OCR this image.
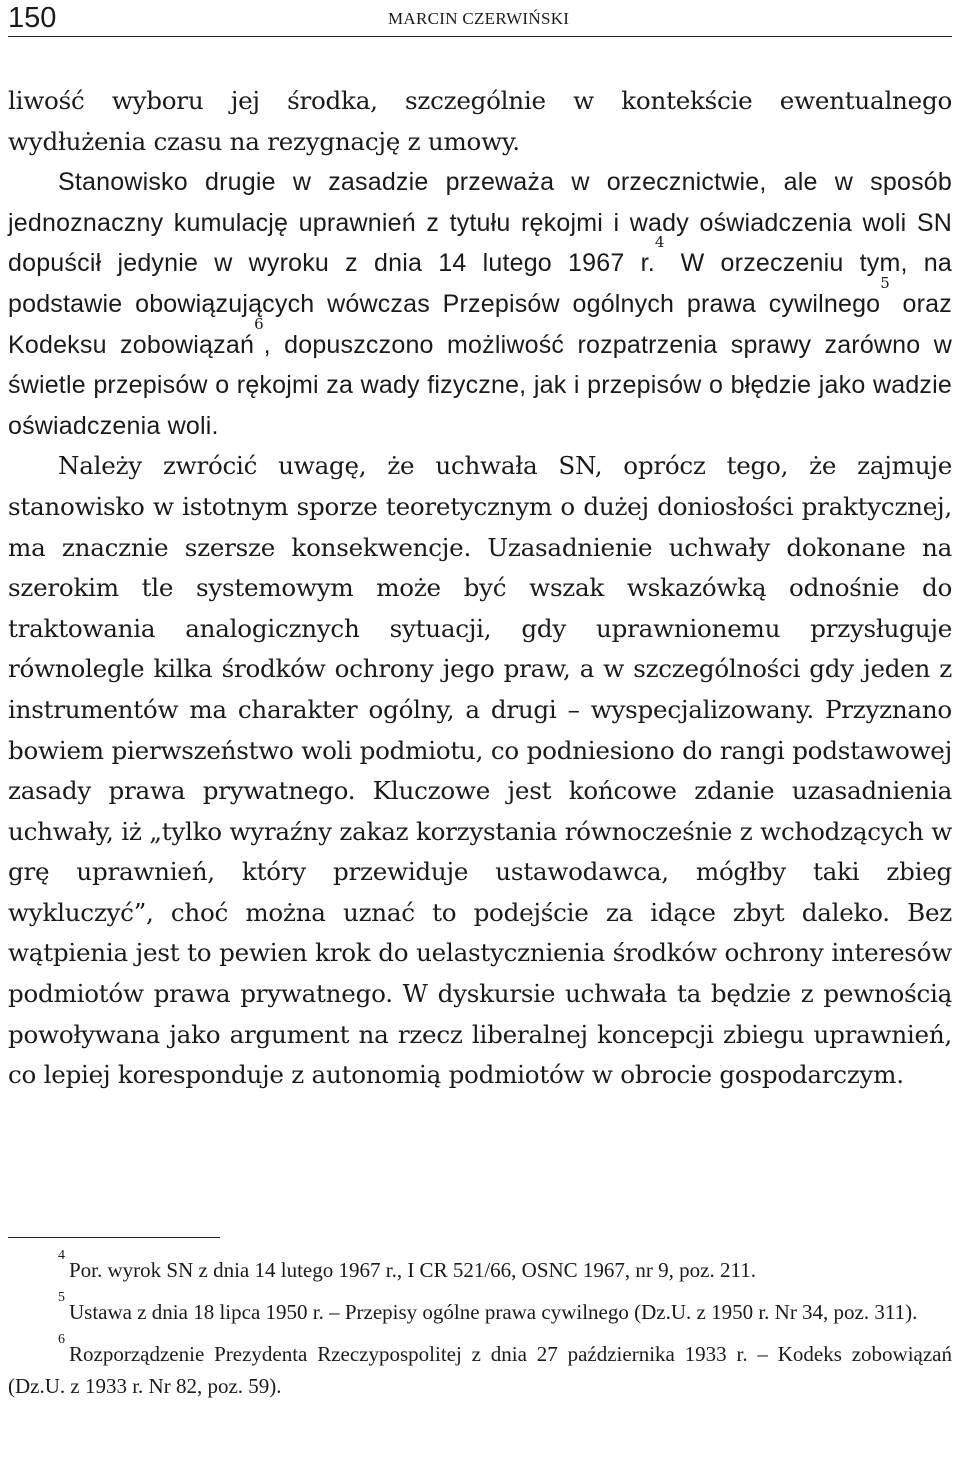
150	MARCIN CZERWIŃSKI

liwość wyboru jej środka, szczególnie w kontekście ewentualnego wydłużenia czasu na rezygnację z umowy.

Stanowisko drugie w zasadzie przeważa w orzecznictwie, ale w sposób jednoznaczny kumulację uprawnień z tytułu rękojmi i wady oświadczenia woli SN dopuścił jedynie w wyroku z dnia 14 lutego 1967 r.$^4$ W orzeczeniu tym, na podstawie obowiązujących wówczas Przepisów ogólnych prawa cywilnego$^5$ oraz Kodeksu zobowiązań$^6$, dopuszczono możliwość rozpatrzenia sprawy zarówno w świetle przepisów o rękojmi za wady fizyczne, jak i przepisów o błędzie jako wadzie oświadczenia woli.

Należy zwrócić uwagę, że uchwała SN, oprócz tego, że zajmuje stanowisko w istotnym sporze teoretycznym o dużej doniosłości praktycznej, ma znacznie szersze konsekwencje. Uzasadnienie uchwały dokonane na szerokim tle systemowym może być wszak wskazówką odnośnie do traktowania analogicznych sytuacji, gdy uprawnionemu przysługuje równolegle kilka środków ochrony jego praw, a w szczególności gdy jeden z instrumentów ma charakter ogólny, a drugi – wyspecjalizowany. Przyznano bowiem pierwszeństwo woli podmiotu, co podniesiono do rangi podstawowej zasady prawa prywatnego. Kluczowe jest końcowe zdanie uzasadnienia uchwały, iż „tylko wyraźny zakaz korzystania równocześnie z wchodzących w grę uprawnień, który przewiduje ustawodawca, mógłby taki zbieg wykluczyć”, choć można uznać to podejście za idące zbyt daleko. Bez wątpienia jest to pewien krok do uelastycznienia środków ochrony interesów podmiotów prawa prywatnego. W dyskursie uchwała ta będzie z pewnością powoływana jako argument na rzecz liberalnej koncepcji zbiegu uprawnień, co lepiej koresponduje z autonomią podmiotów w obrocie gospodarczym.

$^4$Por. wyrok SN z dnia 14 lutego 1967 r., I CR 521/66, OSNC 1967, nr 9, poz. 211.

$^5$Ustawa z dnia 18 lipca 1950 r. – Przepisy ogólne prawa cywilnego (Dz.U. z 1950 r. Nr 34, poz. 311).

$^6$Rozporządzenie Prezydenta Rzeczypospolitej z dnia 27 października 1933 r. – Kodeks zobowiązań (Dz.U. z 1933 r. Nr 82, poz. 59).
